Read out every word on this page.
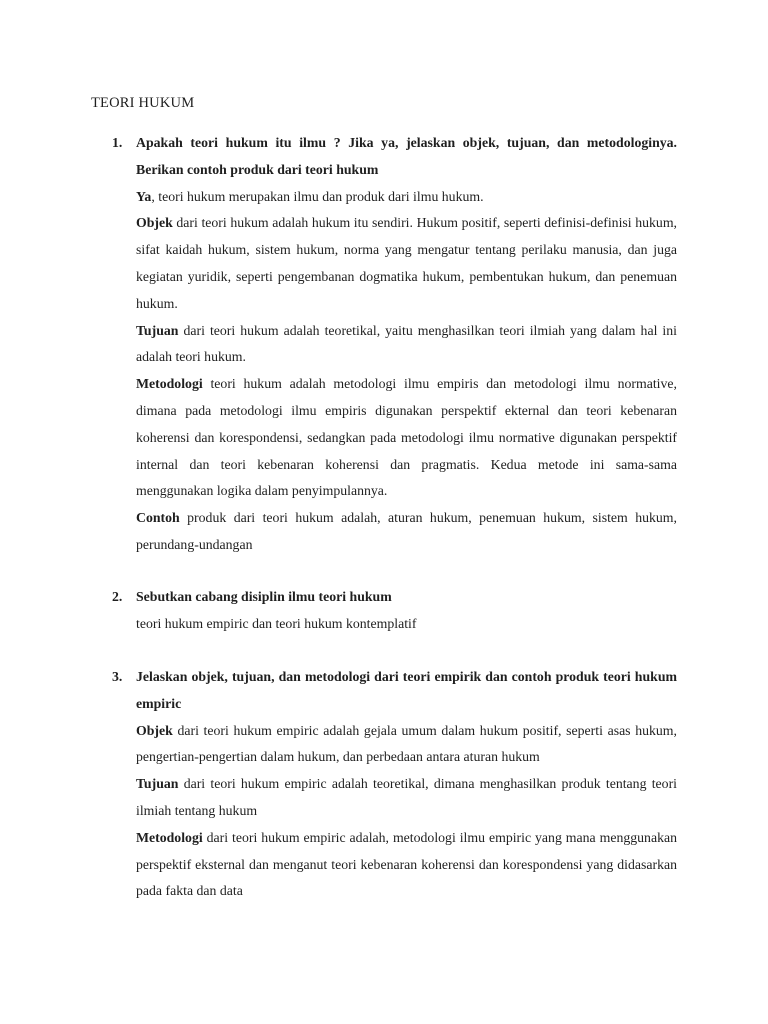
TEORI HUKUM
1. Apakah teori hukum itu ilmu ? Jika ya, jelaskan objek, tujuan, dan metodologinya. Berikan contoh produk dari teori hukum
Ya, teori hukum merupakan ilmu dan produk dari ilmu hukum.
Objek dari teori hukum adalah hukum itu sendiri. Hukum positif, seperti definisi-definisi hukum, sifat kaidah hukum, sistem hukum, norma yang mengatur tentang perilaku manusia, dan juga kegiatan yuridik, seperti pengembanan dogmatika hukum, pembentukan hukum, dan penemuan hukum.
Tujuan dari teori hukum adalah teoretikal, yaitu menghasilkan teori ilmiah yang dalam hal ini adalah teori hukum.
Metodologi teori hukum adalah metodologi ilmu empiris dan metodologi ilmu normative, dimana pada metodologi ilmu empiris digunakan perspektif ekternal dan teori kebenaran koherensi dan korespondensi, sedangkan pada metodologi ilmu normative digunakan perspektif internal dan teori kebenaran koherensi dan pragmatis. Kedua metode ini sama-sama menggunakan logika dalam penyimpulannya.
Contoh produk dari teori hukum adalah, aturan hukum, penemuan hukum, sistem hukum, perundang-undangan
2. Sebutkan cabang disiplin ilmu teori hukum
teori hukum empiric dan teori hukum kontemplatif
3. Jelaskan objek, tujuan, dan metodologi dari teori empirik dan contoh produk teori hukum empiric
Objek dari teori hukum empiric adalah gejala umum dalam hukum positif, seperti asas hukum, pengertian-pengertian dalam hukum, dan perbedaan antara aturan hukum
Tujuan dari teori hukum empiric adalah teoretikal, dimana menghasilkan produk tentang teori ilmiah tentang hukum
Metodologi dari teori hukum empiric adalah, metodologi ilmu empiric yang mana menggunakan perspektif eksternal dan menganut teori kebenaran koherensi dan korespondensi yang didasarkan pada fakta dan data
